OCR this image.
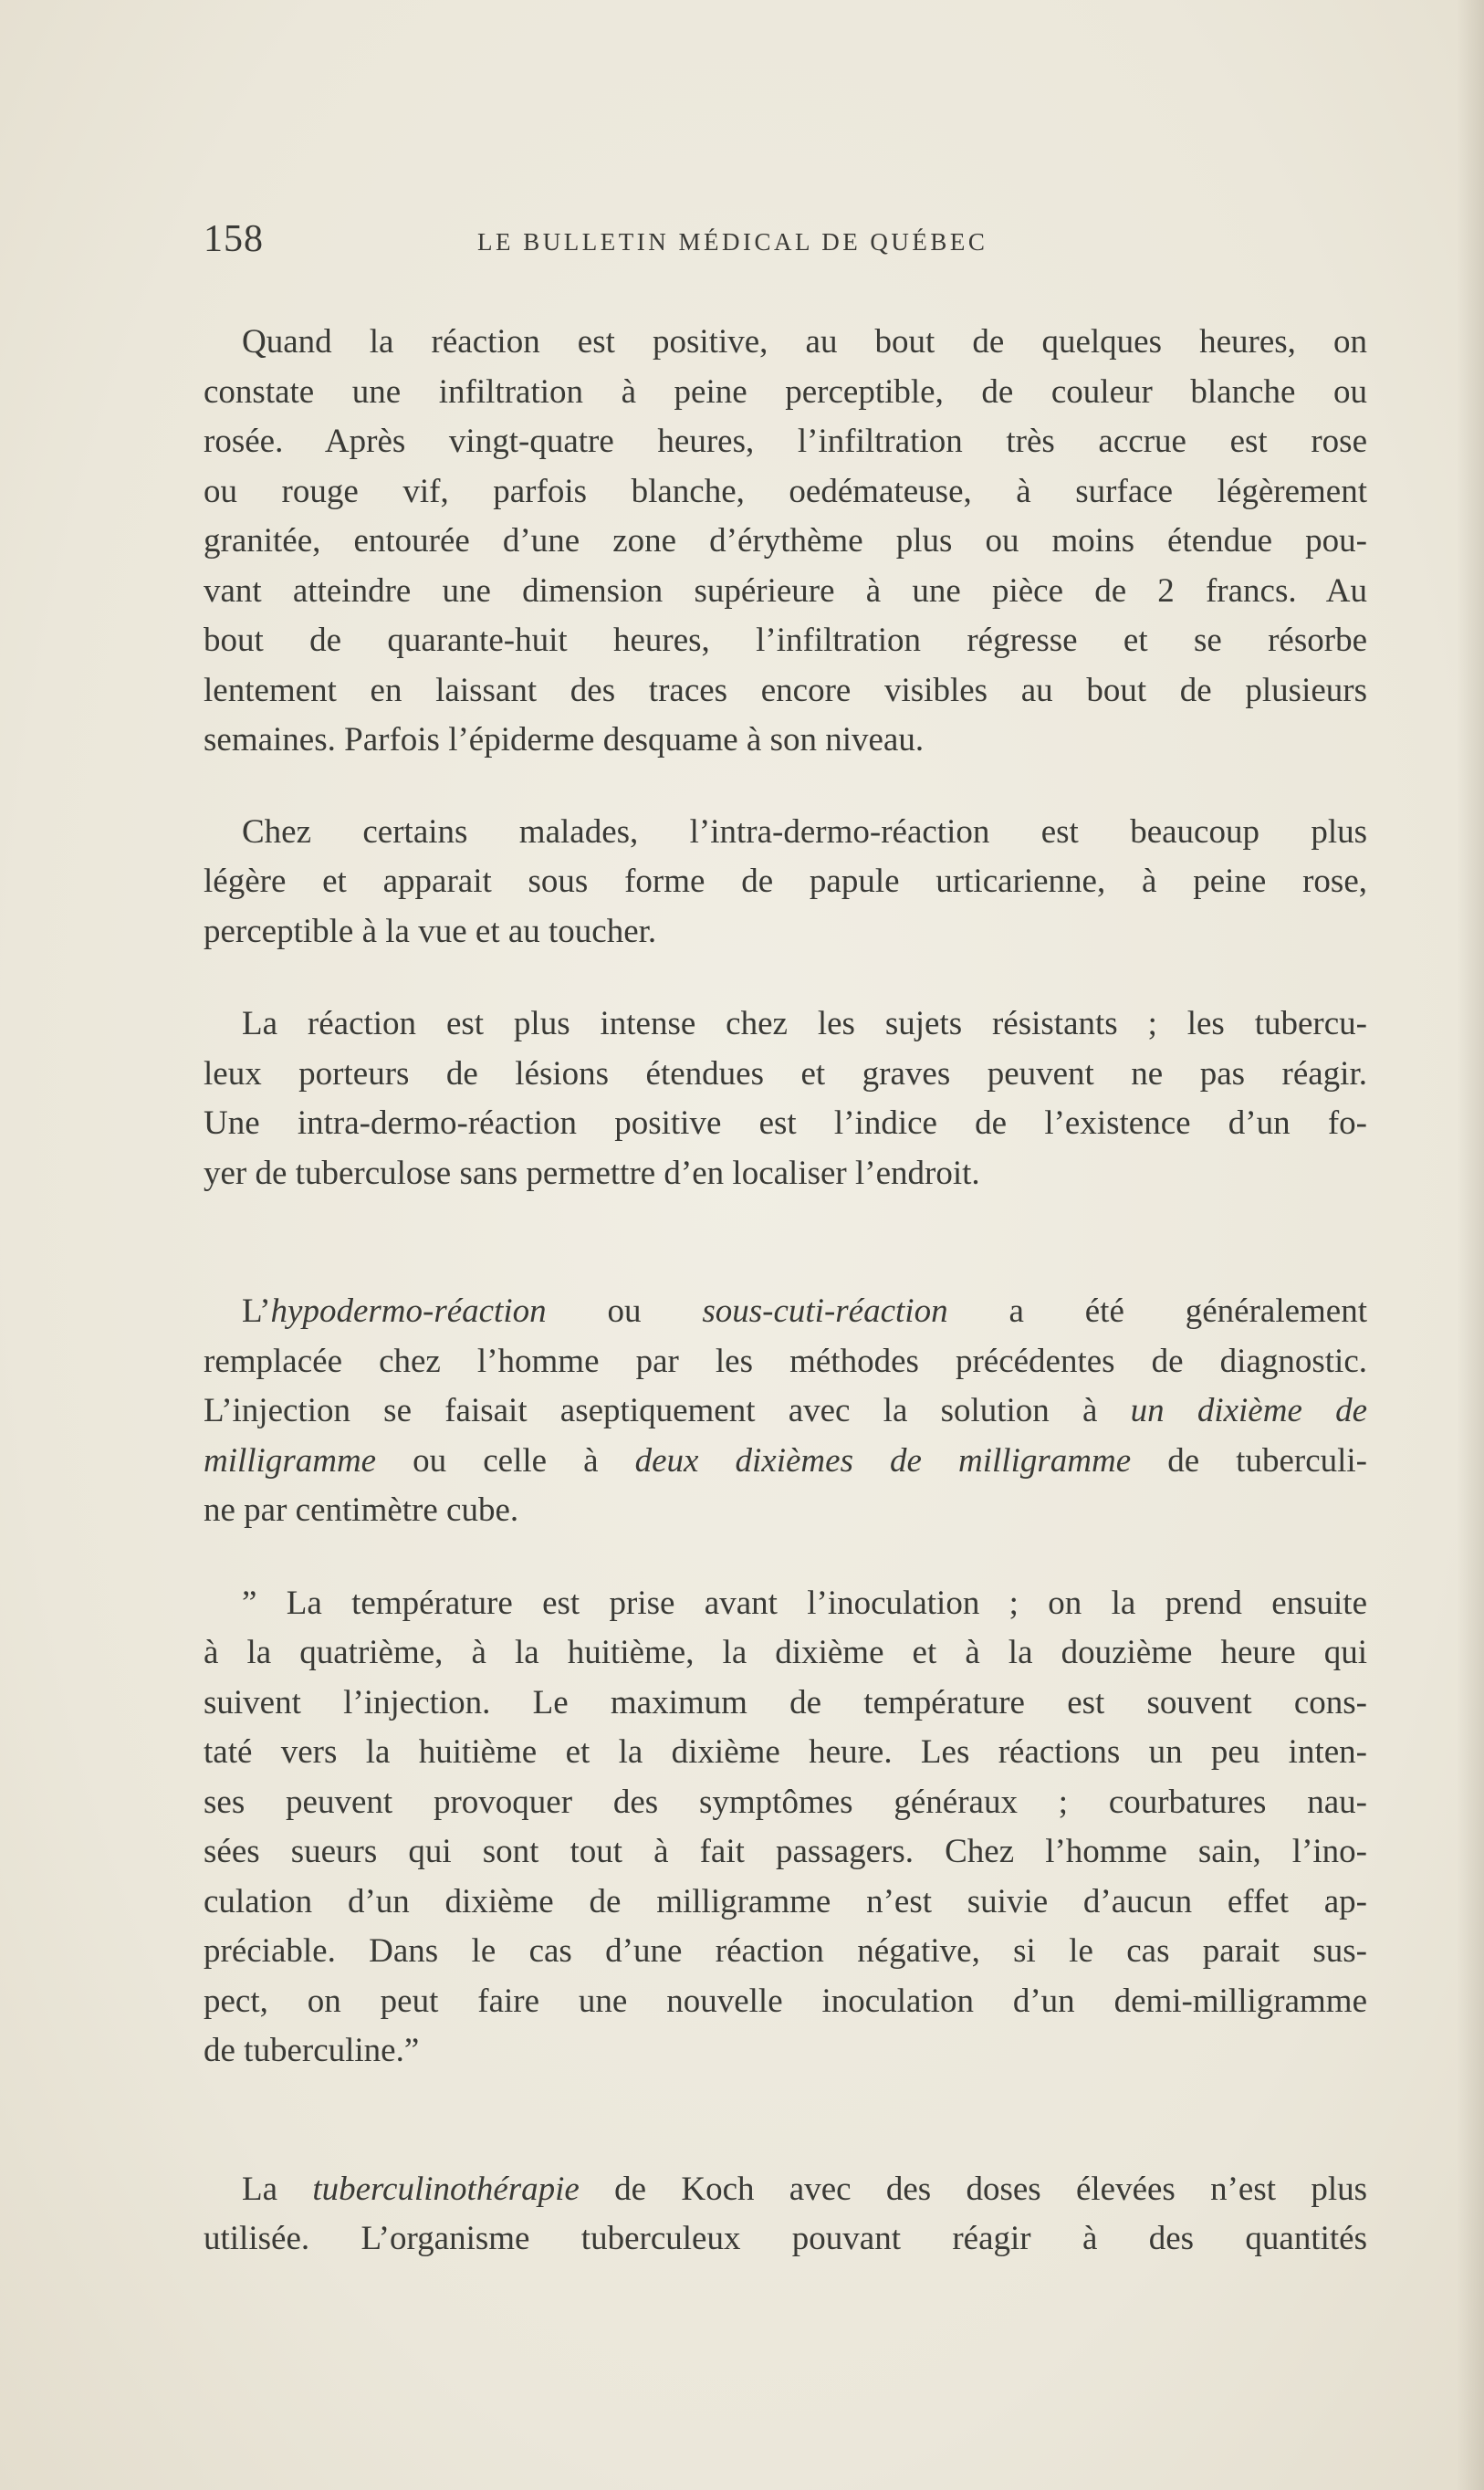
158	LE BULLETIN MÉDICAL DE QUÉBEC

Quand la réaction est positive, au bout de quelques heures, on
constate une infiltration à peine perceptible, de couleur blanche ou
rosée. Après vingt-quatre heures, l’infiltration très accrue est rose
ou rouge vif, parfois blanche, oedémateuse, à surface légèrement
granitée, entourée d’une zone d’érythème plus ou moins étendue pou-
vant atteindre une dimension supérieure à une pièce de 2 francs. Au
bout de quarante-huit heures, l’infiltration régresse et se résorbe
lentement en laissant des traces encore visibles au bout de plusieurs
semaines. Parfois l’épiderme desquame à son niveau.

Chez certains malades, l’intra-dermo-réaction est beaucoup plus
légère et apparait sous forme de papule urticarienne, à peine rose,
perceptible à la vue et au toucher.

La réaction est plus intense chez les sujets résistants ; les tubercu-
leux porteurs de lésions étendues et graves peuvent ne pas réagir.
Une intra-dermo-réaction positive est l’indice de l’existence d’un fo-
yer de tuberculose sans permettre d’en localiser l’endroit.

L’hypodermo-réaction ou sous-cuti-réaction a été généralement
remplacée chez l’homme par les méthodes précédentes de diagnostic.
L’injection se faisait aseptiquement avec la solution à un dixième de
milligramme ou celle à deux dixièmes de milligramme de tuberculi-
ne par centimètre cube.

” La température est prise avant l’inoculation ; on la prend ensuite
à la quatrième, à la huitième, la dixième et à la douzième heure qui
suivent l’injection. Le maximum de température est souvent cons-
taté vers la huitième et la dixième heure. Les réactions un peu inten-
ses peuvent provoquer des symptômes généraux ; courbatures nau-
sées sueurs qui sont tout à fait passagers. Chez l’homme sain, l’ino-
culation d’un dixième de milligramme n’est suivie d’aucun effet ap-
préciable. Dans le cas d’une réaction négative, si le cas parait sus-
pect, on peut faire une nouvelle inoculation d’un demi-milligramme
de tuberculine.”

La tuberculinothérapie de Koch avec des doses élevées n’est plus
utilisée. L’organisme tuberculeux pouvant réagir à des quantités
